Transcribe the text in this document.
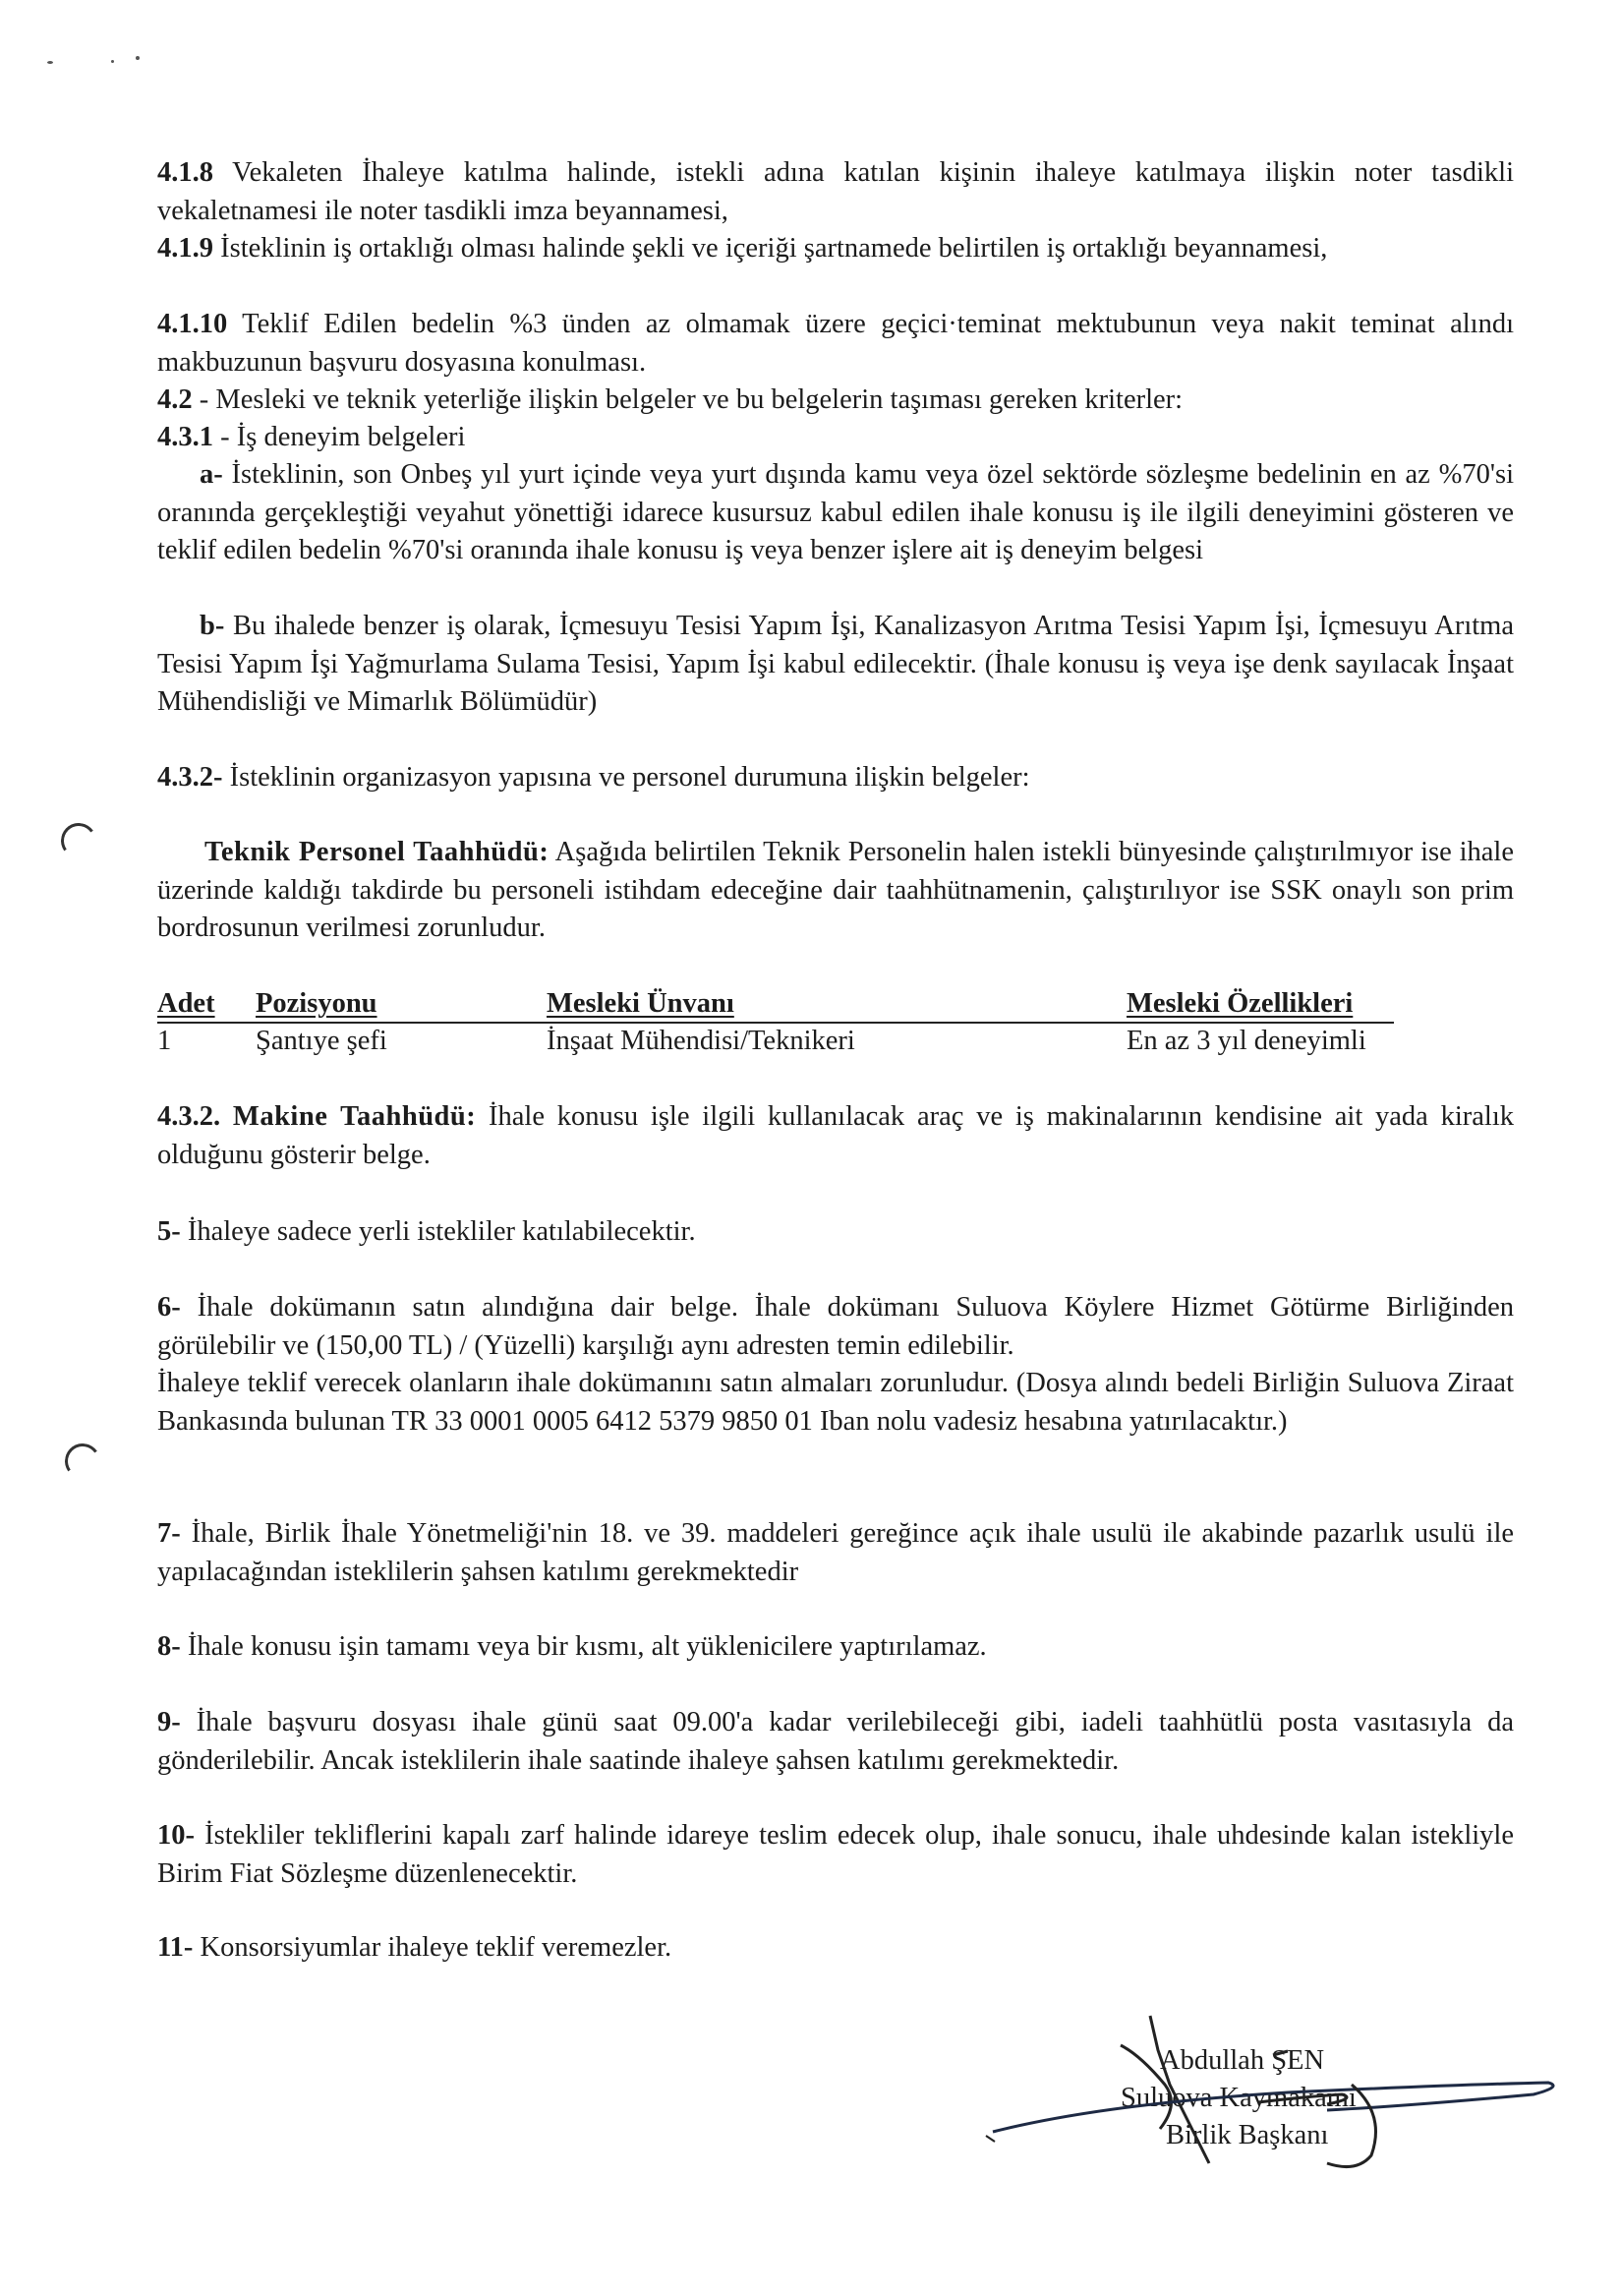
4.1.8 Vekaleten İhaleye katılma halinde, istekli adına katılan kişinin ihaleye katılmaya ilişkin noter tasdikli vekaletnamesi ile noter tasdikli imza beyannamesi,

4.1.9 İsteklinin iş ortaklığı olması halinde şekli ve içeriği şartnamede belirtilen iş ortaklığı beyannamesi,

4.1.10 Teklif Edilen bedelin %3 ünden az olmamak üzere geçici·teminat mektubunun veya nakit teminat alındı makbuzunun başvuru dosyasına konulması.

4.2 - Mesleki ve teknik yeterliğe ilişkin belgeler ve bu belgelerin taşıması gereken kriterler:

4.3.1 - İş deneyim belgeleri

a- İsteklinin, son Onbeş yıl yurt içinde veya yurt dışında kamu veya özel sektörde sözleşme bedelinin en az %70'si oranında gerçekleştiği veyahut yönettiği idarece kusursuz kabul edilen ihale konusu iş ile ilgili deneyimini gösteren ve teklif edilen bedelin %70'si oranında ihale konusu iş veya benzer işlere ait iş deneyim belgesi

b- Bu ihalede benzer iş olarak, İçmesuyu Tesisi Yapım İşi, Kanalizasyon Arıtma Tesisi Yapım İşi, İçmesuyu Arıtma Tesisi Yapım İşi Yağmurlama Sulama Tesisi, Yapım İşi kabul edilecektir. (İhale konusu iş veya işe denk sayılacak İnşaat Mühendisliği ve Mimarlık Bölümüdür)

4.3.2- İsteklinin organizasyon yapısına ve personel durumuna ilişkin belgeler:

Teknik Personel Taahhüdü: Aşağıda belirtilen Teknik Personelin halen istekli bünyesinde çalıştırılmıyor ise ihale üzerinde kaldığı takdirde bu personeli istihdam edeceğine dair taahhütnamenin, çalıştırılıyor ise SSK onaylı son prim bordrosunun verilmesi zorunludur.

Adet Pozisyonu	Mesleki Ünvanı	Mesleki Özellikleri
1	Şantıye şefi	İnşaat Mühendisi/Teknikeri	En az 3 yıl deneyimli

4.3.2. Makine Taahhüdü: İhale konusu işle ilgili kullanılacak araç ve iş makinalarının kendisine ait yada kiralık olduğunu gösterir belge.

5- İhaleye sadece yerli istekliler katılabilecektir.

6- İhale dokümanın satın alındığına dair belge. İhale dokümanı Suluova Köylere Hizmet Götürme Birliğinden görülebilir ve (150,00 TL) / (Yüzelli) karşılığı aynı adresten temin edilebilir.

İhaleye teklif verecek olanların ihale dokümanını satın almaları zorunludur. (Dosya alındı bedeli Birliğin Suluova Ziraat Bankasında bulunan TR 33 0001 0005 6412 5379 9850 01 Iban nolu vadesiz hesabına yatırılacaktır.)

7- İhale, Birlik İhale Yönetmeliği'nin 18. ve 39. maddeleri gereğince açık ihale usulü ile akabinde pazarlık usulü ile yapılacağından isteklilerin şahsen katılımı gerekmektedir

8- İhale konusu işin tamamı veya bir kısmı, alt yüklenicilere yaptırılamaz.

9- İhale başvuru dosyası ihale günü saat 09.00'a kadar verilebileceği gibi, iadeli taahhütlü posta vasıtasıyla da gönderilebilir. Ancak isteklilerin ihale saatinde ihaleye şahsen katılımı gerekmektedir.

10- İstekliler tekliflerini kapalı zarf halinde idareye teslim edecek olup, ihale sonucu, ihale uhdesinde kalan istekliyle Birim Fiat Sözleşme düzenlenecektir.

11- Konsorsiyumlar ihaleye teklif veremezler.

Abdullah ŞEN
Suluova Kaymakamı
Birlik Başkanı
